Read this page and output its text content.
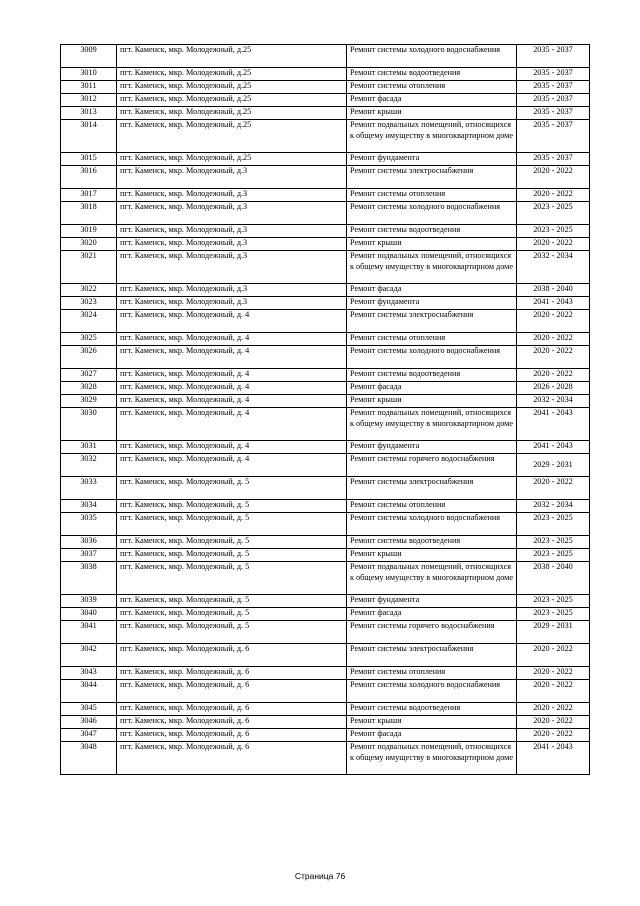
3009	пгт. Каменск, мкр. Молодежный, д.25	Ремонт системы холодного водоснабжения	2035 - 2037
3010	пгт. Каменск, мкр. Молодежный, д.25	Ремонт системы водоотведения	2035 - 2037
3011	пгт. Каменск, мкр. Молодежный, д.25	Ремонт системы отопления	2035 - 2037
3012	пгт. Каменск, мкр. Молодежный, д.25	Ремонт фасада	2035 - 2037
3013	пгт. Каменск, мкр. Молодежный, д.25	Ремонт крыши	2035 - 2037
3014	пгт. Каменск, мкр. Молодежный, д.25	Ремонт подвальных помещений, относящихся к общему имуществу в многоквартирном доме	2035 - 2037
3015	пгт. Каменск, мкр. Молодежный, д.25	Ремонт фундамента	2035 - 2037
3016	пгт. Каменск, мкр. Молодежный, д.3	Ремонт системы электроснабжения	2020 - 2022
3017	пгт. Каменск, мкр. Молодежный, д.3	Ремонт системы отопления	2020 - 2022
3018	пгт. Каменск, мкр. Молодежный, д.3	Ремонт системы холодного водоснабжения	2023 - 2025
3019	пгт. Каменск, мкр. Молодежный, д.3	Ремонт системы водоотведения	2023 - 2025
3020	пгт. Каменск, мкр. Молодежный, д.3	Ремонт крыши	2020 - 2022
3021	пгт. Каменск, мкр. Молодежный, д.3	Ремонт подвальных помещений, относящихся к общему имуществу в многоквартирном доме	2032 - 2034
3022	пгт. Каменск, мкр. Молодежный, д.3	Ремонт фасада	2038 - 2040
3023	пгт. Каменск, мкр. Молодежный, д.3	Ремонт фундамента	2041 - 2043
3024	пгт. Каменск, мкр. Молодежный, д. 4	Ремонт системы электроснабжения	2020 - 2022
3025	пгт. Каменск, мкр. Молодежный, д. 4	Ремонт системы отопления	2020 - 2022
3026	пгт. Каменск, мкр. Молодежный, д. 4	Ремонт системы холодного водоснабжения	2020 - 2022
3027	пгт. Каменск, мкр. Молодежный, д. 4	Ремонт системы водоотведения	2020 - 2022
3028	пгт. Каменск, мкр. Молодежный, д. 4	Ремонт фасада	2026 - 2028
3029	пгт. Каменск, мкр. Молодежный, д. 4	Ремонт крыши	2032 - 2034
3030	пгт. Каменск, мкр. Молодежный, д. 4	Ремонт подвальных помещений, относящихся к общему имуществу в многоквартирном доме	2041 - 2043
3031	пгт. Каменск, мкр. Молодежный, д. 4	Ремонт фундамента	2041 - 2043
3032	пгт. Каменск, мкр. Молодежный, д. 4	Ремонт системы горячего водоснабжения	2029 - 2031
3033	пгт. Каменск, мкр. Молодежный, д. 5	Ремонт системы электроснабжения	2020 - 2022
3034	пгт. Каменск, мкр. Молодежный, д. 5	Ремонт системы отопления	2032 - 2034
3035	пгт. Каменск, мкр. Молодежный, д. 5	Ремонт системы холодного водоснабжения	2023 - 2025
3036	пгт. Каменск, мкр. Молодежный, д. 5	Ремонт системы водоотведения	2023 - 2025
3037	пгт. Каменск, мкр. Молодежный, д. 5	Ремонт крыши	2023 - 2025
3038	пгт. Каменск, мкр. Молодежный, д. 5	Ремонт подвальных помещений, относящихся к общему имуществу в многоквартирном доме	2038 - 2040
3039	пгт. Каменск, мкр. Молодежный, д. 5	Ремонт фундамента	2023 - 2025
3040	пгт. Каменск, мкр. Молодежный, д. 5	Ремонт фасада	2023 - 2025
3041	пгт. Каменск, мкр. Молодежный, д. 5	Ремонт системы горячего водоснабжения	2029 - 2031
3042	пгт. Каменск, мкр. Молодежный, д. 6	Ремонт системы электроснабжения	2020 - 2022
3043	пгт. Каменск, мкр. Молодежный, д. 6	Ремонт системы отопления	2020 - 2022
3044	пгт. Каменск, мкр. Молодежный, д. 6	Ремонт системы холодного водоснабжения	2020 - 2022
3045	пгт. Каменск, мкр. Молодежный, д. 6	Ремонт системы водоотведения	2020 - 2022
3046	пгт. Каменск, мкр. Молодежный, д. 6	Ремонт крыши	2020 - 2022
3047	пгт. Каменск, мкр. Молодежный, д. 6	Ремонт фасада	2020 - 2022
3048	пгт. Каменск, мкр. Молодежный, д. 6	Ремонт подвальных помещений, относящихся к общему имуществу в многоквартирном доме	2041 - 2043
Страница 76
